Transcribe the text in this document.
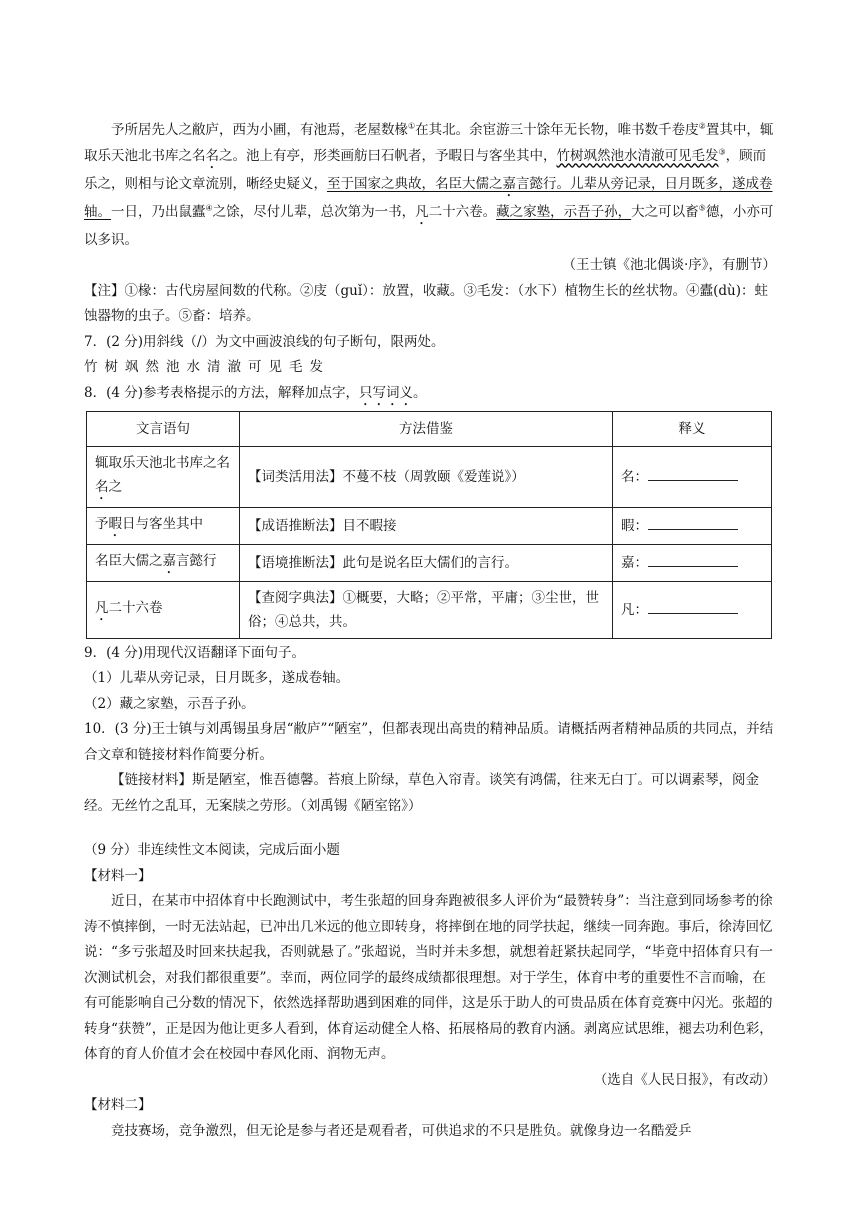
予所居先人之敝庐，西为小圃，有池焉，老屋数椽①在其北。余宦游三十馀年无长物，唯书数千卷庋②置其中，辄取乐天池北书库之名名之。池上有亭，形类画舫曰石帆者，予暇日与客坐其中，竹树飒然池水清澈可见毛发③，顾而乐之，则相与论文章流别，晰经史疑义，至于国家之典故，名臣大儒之嘉言懿行。儿辈从旁记录，日月既多，遂成卷轴。一日，乃出鼠蠹④之馀，尽付儿辈，总次第为一书，凡二十六卷。藏之家塾，示吾子孙，大之可以畜⑤德，小亦可以多识。

（王士镇《池北偶谈·序》，有删节）

【注】①椽：古代房屋间数的代称。②庋（guǐ）：放置，收藏。③毛发：（水下）植物生长的丝状物。④蠹(dù)：蛀蚀器物的虫子。⑤畜：培养。

7．(2 分)用斜线（/）为文中画波浪线的句子断句，限两处。

竹树飒然池水清澈可见毛发

8．(4 分)参考表格提示的方法，解释加点字，只写词义。

文言语句	方法借鉴	释义
辄取乐天池北书库之名名之	【词类活用法】不蔓不枝（周敦颐《爱莲说》）	名：
予暇日与客坐其中	【成语推断法】目不暇接	暇：
名臣大儒之嘉言懿行	【语境推断法】此句是说名臣大儒们的言行。	嘉：
凡二十六卷	【查阅字典法】①概要，大略；②平常，平庸；③尘世，世俗；④总共，共。	凡：

9．(4 分)用现代汉语翻译下面句子。

（1）儿辈从旁记录，日月既多，遂成卷轴。

（2）藏之家塾，示吾子孙。

10．(3 分)王士镇与刘禹锡虽身居“敝庐”“陋室”，但都表现出高贵的精神品质。请概括两者精神品质的共同点，并结合文章和链接材料作简要分析。

【链接材料】斯是陋室，惟吾德馨。苔痕上阶绿，草色入帘青。谈笑有鸿儒，往来无白丁。可以调素琴，阅金经。无丝竹之乱耳，无案牍之劳形。（刘禹锡《陋室铭》）

（9 分）非连续性文本阅读，完成后面小题

【材料一】

近日，在某市中招体育中长跑测试中，考生张超的回身奔跑被很多人评价为“最赞转身”：当注意到同场参考的徐涛不慎摔倒，一时无法站起，已冲出几米远的他立即转身，将摔倒在地的同学扶起，继续一同奔跑。事后，徐涛回忆说：“多亏张超及时回来扶起我，否则就悬了。”张超说，当时并未多想，就想着赶紧扶起同学，“毕竟中招体育只有一次测试机会，对我们都很重要”。幸而，两位同学的最终成绩都很理想。对于学生，体育中考的重要性不言而喻，在有可能影响自己分数的情况下，依然选择帮助遇到困难的同伴，这是乐于助人的可贵品质在体育竞赛中闪光。张超的转身“获赞”，正是因为他让更多人看到，体育运动健全人格、拓展格局的教育内涵。剥离应试思维，褪去功利色彩，体育的育人价值才会在校园中春风化雨、润物无声。

（选自《人民日报》，有改动）

【材料二】

竞技赛场，竞争激烈，但无论是参与者还是观看者，可供追求的不只是胜负。就像身边一名酷爱乒
